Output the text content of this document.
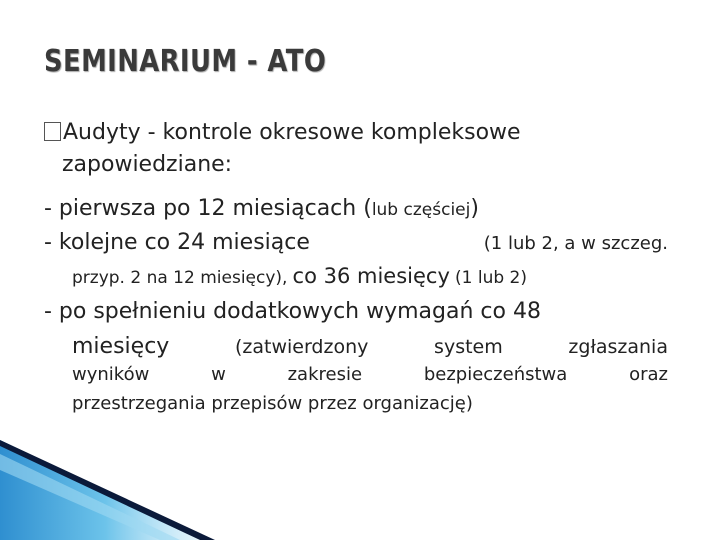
SEMINARIUM - ATO
Audyty - kontrole okresowe kompleksowe
zapowiedziane:
- pierwsza po 12 miesiącach (lub częściej)
- kolejne co 24 miesiące	(1 lub 2, a w szczeg.
przyp. 2 na 12 miesięcy), co 36 miesięcy (1 lub 2)
- po spełnieniu dodatkowych wymagań co 48
miesięcy	(zatwierdzony	system	zgłaszania
wyników	w	zakresie	bezpieczeństwa	oraz
przestrzegania przepisów przez organizację)
